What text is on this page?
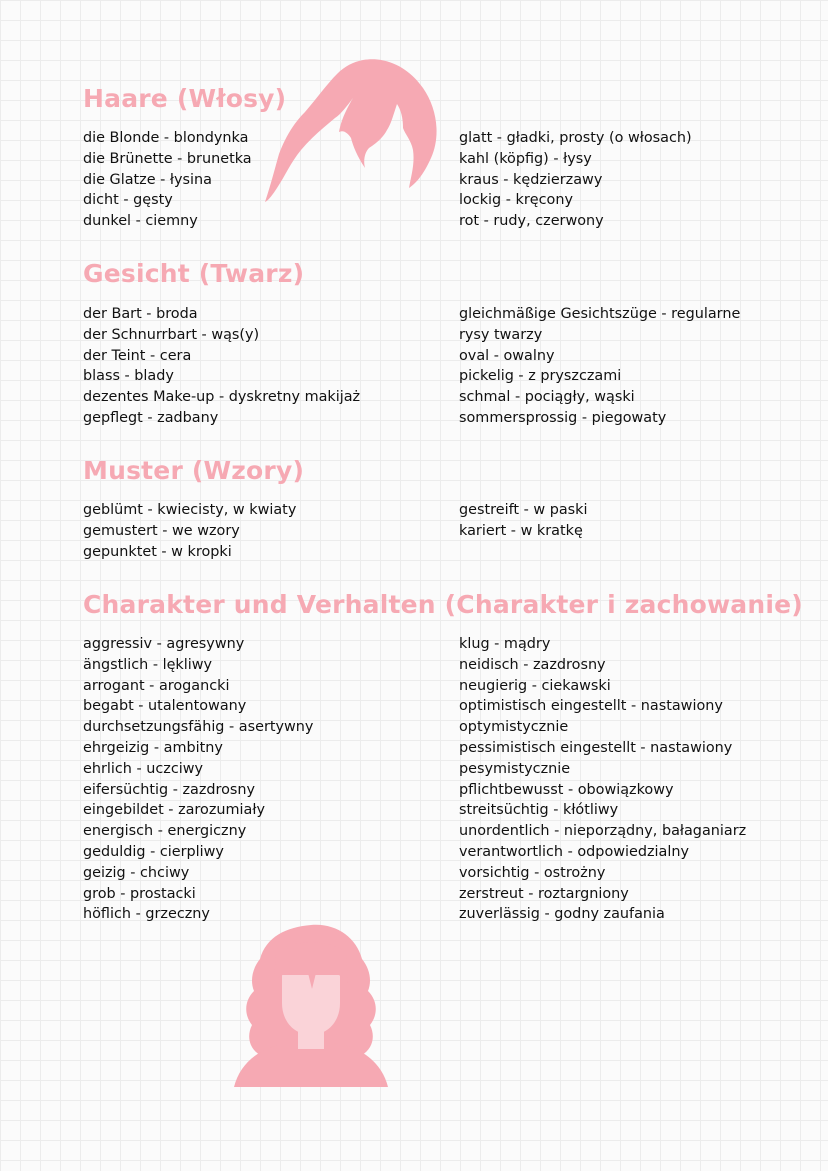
Haare (Włosy)
die Blonde - blondynka
die Brünette - brunetka
die Glatze - łysina
dicht - gęsty
dunkel - ciemny
glatt - gładki, prosty (o włosach)
kahl (köpfig) - łysy
kraus - kędzierzawy
lockig - kręcony
rot - rudy, czerwony
Gesicht (Twarz)
der Bart - broda
der Schnurrbart - wąs(y)
der Teint - cera
blass - blady
dezentes Make-up - dyskretny makijaż
gepflegt - zadbany
gleichmäßige Gesichtszüge - regularne
rysy twarzy
oval - owalny
pickelig - z pryszczami
schmal - pociągły, wąski
sommersprossig - piegowaty
Muster (Wzory)
geblümt - kwiecisty, w kwiaty
gemustert - we wzory
gepunktet - w kropki
gestreift - w paski
kariert - w kratkę
Charakter und Verhalten (Charakter i zachowanie)
aggressiv - agresywny
ängstlich - lękliwy
arrogant - arogancki
begabt - utalentowany
durchsetzungsfähig - asertywny
ehrgeizig - ambitny
ehrlich - uczciwy
eifersüchtig - zazdrosny
eingebildet - zarozumiały
energisch - energiczny
geduldig - cierpliwy
geizig - chciwy
grob - prostacki
höflich - grzeczny
klug - mądry
neidisch - zazdrosny
neugierig - ciekawski
optimistisch eingestellt - nastawiony
optymistycznie
pessimistisch eingestellt - nastawiony
pesymistycznie
pflichtbewusst - obowiązkowy
streitsüchtig - kłótliwy
unordentlich - nieporządny, bałaganiarz
verantwortlich - odpowiedzialny
vorsichtig - ostrożny
zerstreut - roztargniony
zuverlässig - godny zaufania
